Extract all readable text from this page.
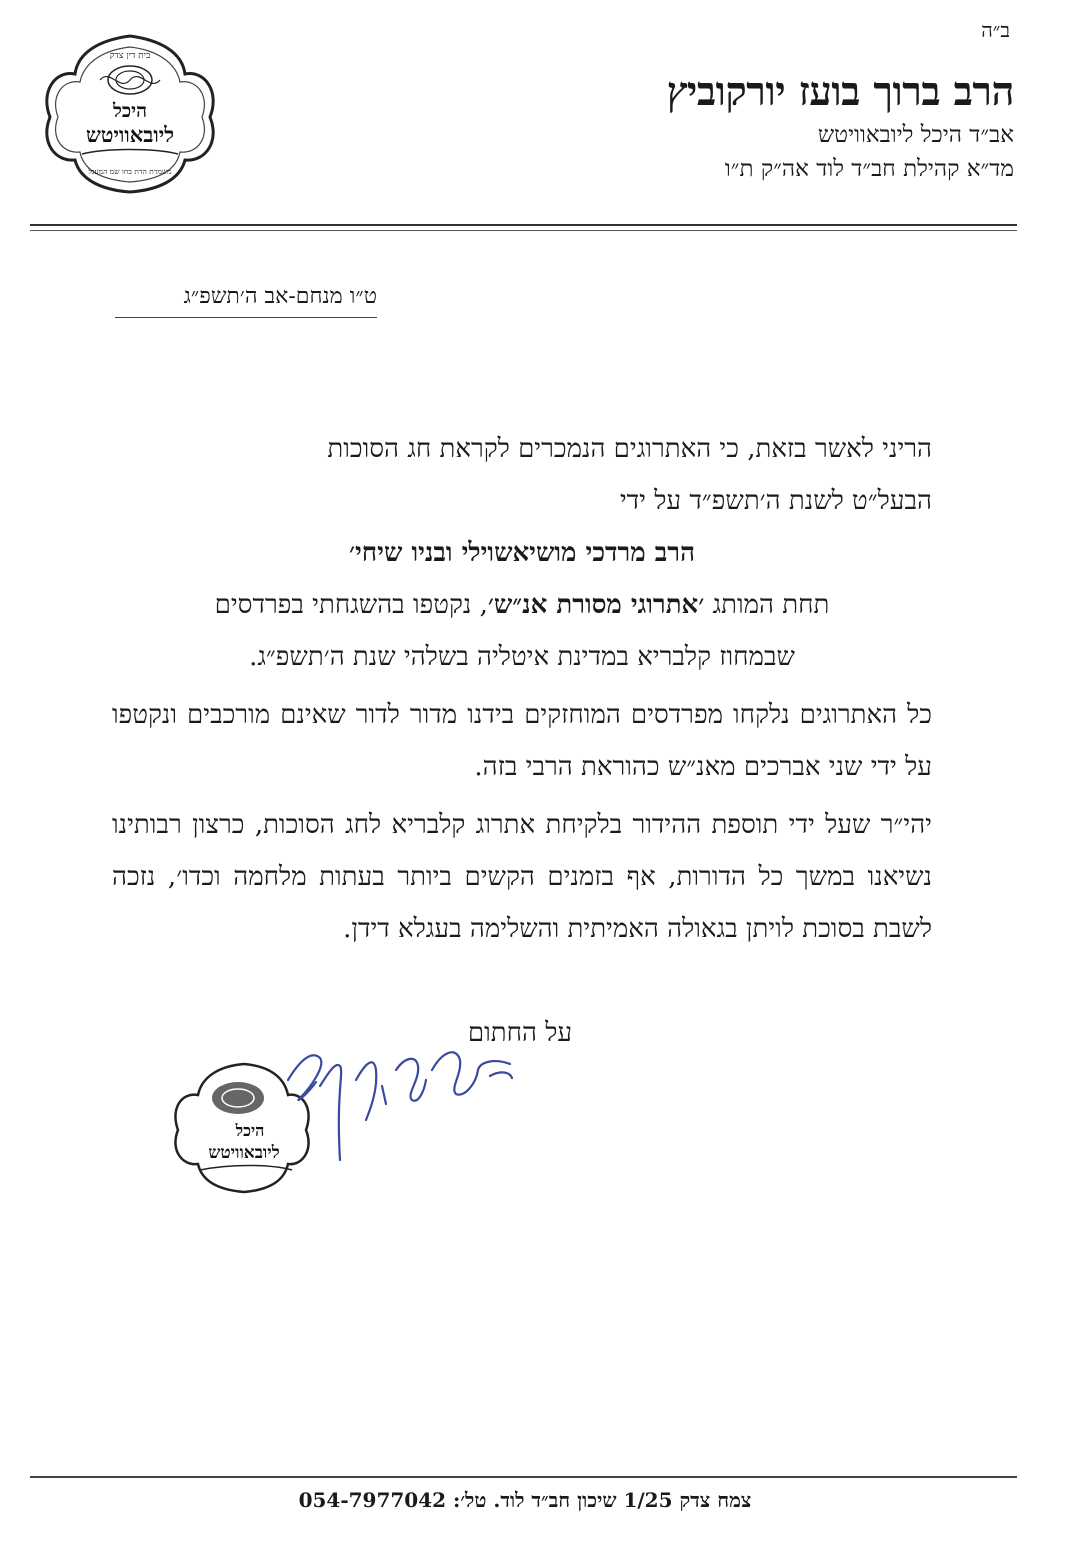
ב״ה
הרב ברוך בועז יורקוביץ
אב״ד היכל ליובאוויטש
מד״א קהילת חב״ד לוד אה״ק ת״ו
בית דין צדק
היכל
ליובאוויטש
משמרת הדת בחו שמ המעגל
ט״ו מנחם-אב ה׳תשפ״ג

הריני לאשר בזאת, כי האתרוגים הנמכרים לקראת חג הסוכות

הבעל״ט לשנת ה׳תשפ״ד על ידי

הרב מרדכי מושיאשוילי ובניו שיחי׳

תחת המותג ׳אתרוגי מסורת אנ״ש׳, נקטפו בהשגחתי בפרדסים

שבמחוז קלבריא במדינת איטליה בשלהי שנת ה׳תשפ״ג.

כל האתרוגים נלקחו מפרדסים המוחזקים בידנו מדור לדור שאינם מורכבים ונקטפו על ידי שני אברכים מאנ״ש כהוראת הרבי בזה.

יהי״ר שעל ידי תוספת ההידור בלקיחת אתרוג קלבריא לחג הסוכות, כרצון רבותינו נשיאנו במשך כל הדורות, אף בזמנים הקשים ביותר בעתות מלחמה וכדו׳, נזכה לשבת בסוכת לויתן בגאולה האמיתית והשלימה בעגלא דידן.

על החתום
היכל
ליובאוויטש
צמח צדק 1/25 שיכון חב״ד לוד. טל׳: 054-7977042
